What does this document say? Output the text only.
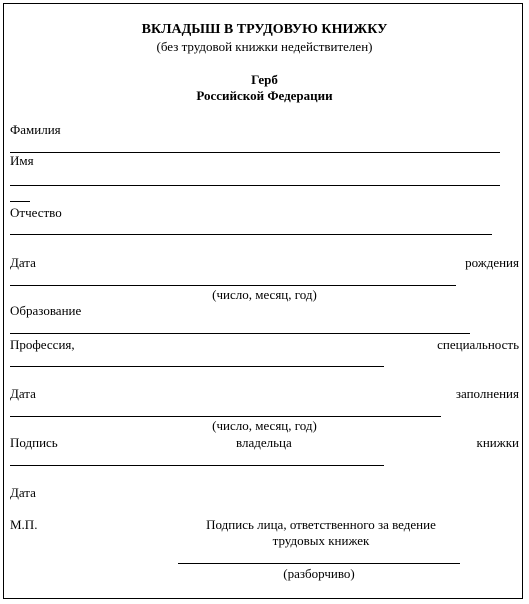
ВКЛАДЫШ В ТРУДОВУЮ КНИЖКУ
(без трудовой книжки недействителен)
Герб
Российской Федерации
Фамилия
Имя
Отчество
Дата	рождения
(число, месяц, год)
Образование
Профессия,	специальность
Дата	заполнения
(число, месяц, год)
Подпись	владельца	книжки
Дата
М.П.	Подпись лица, ответственного за ведение
трудовых книжек
(разборчиво)
